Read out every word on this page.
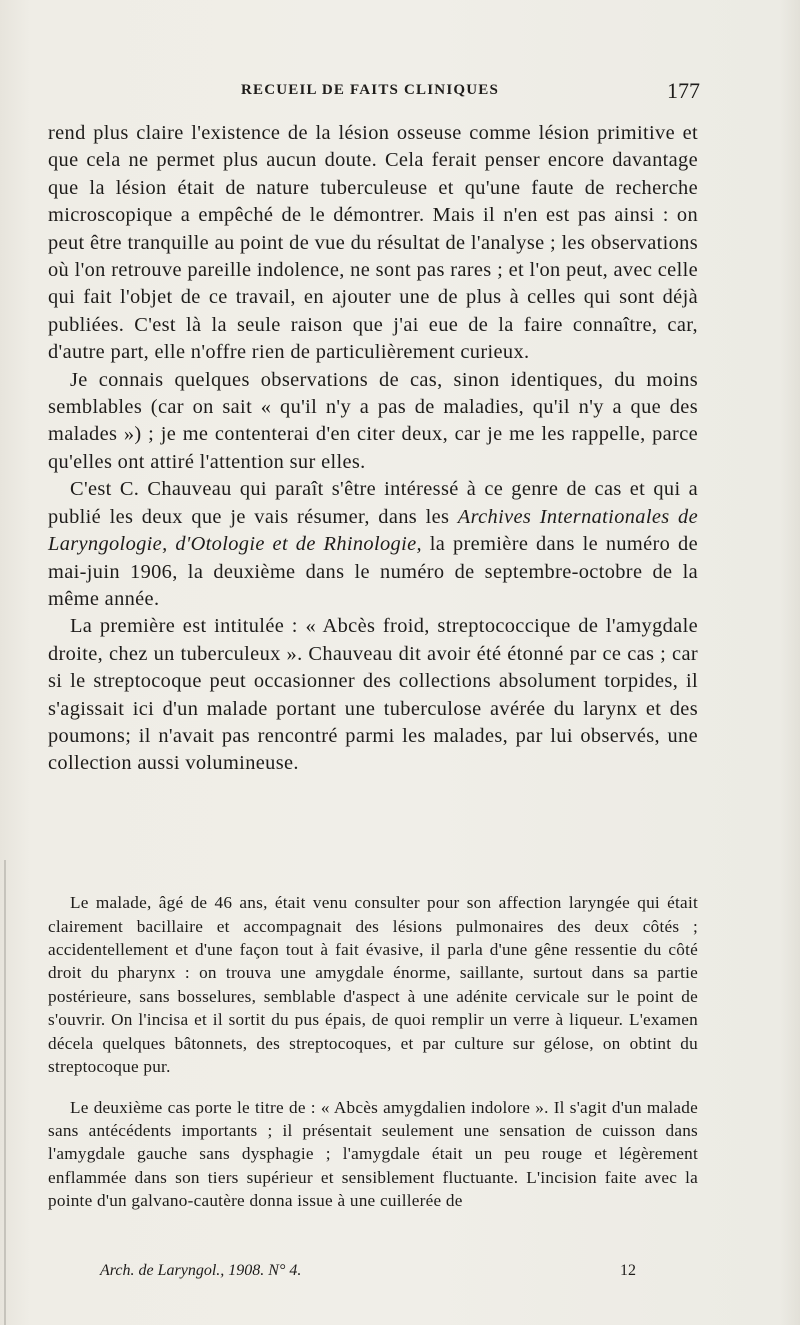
RECUEIL DE FAITS CLINIQUES	177

rend plus claire l'existence de la lésion osseuse comme lésion primitive et que cela ne permet plus aucun doute. Cela ferait penser encore davantage que la lésion était de nature tuberculeuse et qu'une faute de recherche microscopique a empêché de le démontrer. Mais il n'en est pas ainsi : on peut être tranquille au point de vue du résultat de l'analyse ; les observations où l'on retrouve pareille indolence, ne sont pas rares ; et l'on peut, avec celle qui fait l'objet de ce travail, en ajouter une de plus à celles qui sont déjà publiées. C'est là la seule raison que j'ai eue de la faire connaître, car, d'autre part, elle n'offre rien de particulièrement curieux.

Je connais quelques observations de cas, sinon identiques, du moins semblables (car on sait « qu'il n'y a pas de maladies, qu'il n'y a que des malades ») ; je me contenterai d'en citer deux, car je me les rappelle, parce qu'elles ont attiré l'attention sur elles.

C'est C. Chauveau qui paraît s'être intéressé à ce genre de cas et qui a publié les deux que je vais résumer, dans les Archives Internationales de Laryngologie, d'Otologie et de Rhinologie, la première dans le numéro de mai-juin 1906, la deuxième dans le numéro de septembre-octobre de la même année.

La première est intitulée : « Abcès froid, streptococcique de l'amygdale droite, chez un tuberculeux ». Chauveau dit avoir été étonné par ce cas ; car si le streptocoque peut occasionner des collections absolument torpides, il s'agissait ici d'un malade portant une tuberculose avérée du larynx et des poumons; il n'avait pas rencontré parmi les malades, par lui observés, une collection aussi volumineuse.

Le malade, âgé de 46 ans, était venu consulter pour son affection laryngée qui était clairement bacillaire et accompagnait des lésions pulmonaires des deux côtés ; accidentellement et d'une façon tout à fait évasive, il parla d'une gêne ressentie du côté droit du pharynx : on trouva une amygdale énorme, saillante, surtout dans sa partie postérieure, sans bosselures, semblable d'aspect à une adénite cervicale sur le point de s'ouvrir. On l'incisa et il sortit du pus épais, de quoi remplir un verre à liqueur. L'examen décela quelques bâtonnets, des streptocoques, et par culture sur gélose, on obtint du streptocoque pur.

Le deuxième cas porte le titre de : « Abcès amygdalien indolore ». Il s'agit d'un malade sans antécédents importants ; il présentait seulement une sensation de cuisson dans l'amygdale gauche sans dysphagie ; l'amygdale était un peu rouge et légèrement enflammée dans son tiers supérieur et sensiblement fluctuante. L'incision faite avec la pointe d'un galvano-cautère donna issue à une cuillerée de

Arch. de Laryngol., 1908. N° 4.	12
